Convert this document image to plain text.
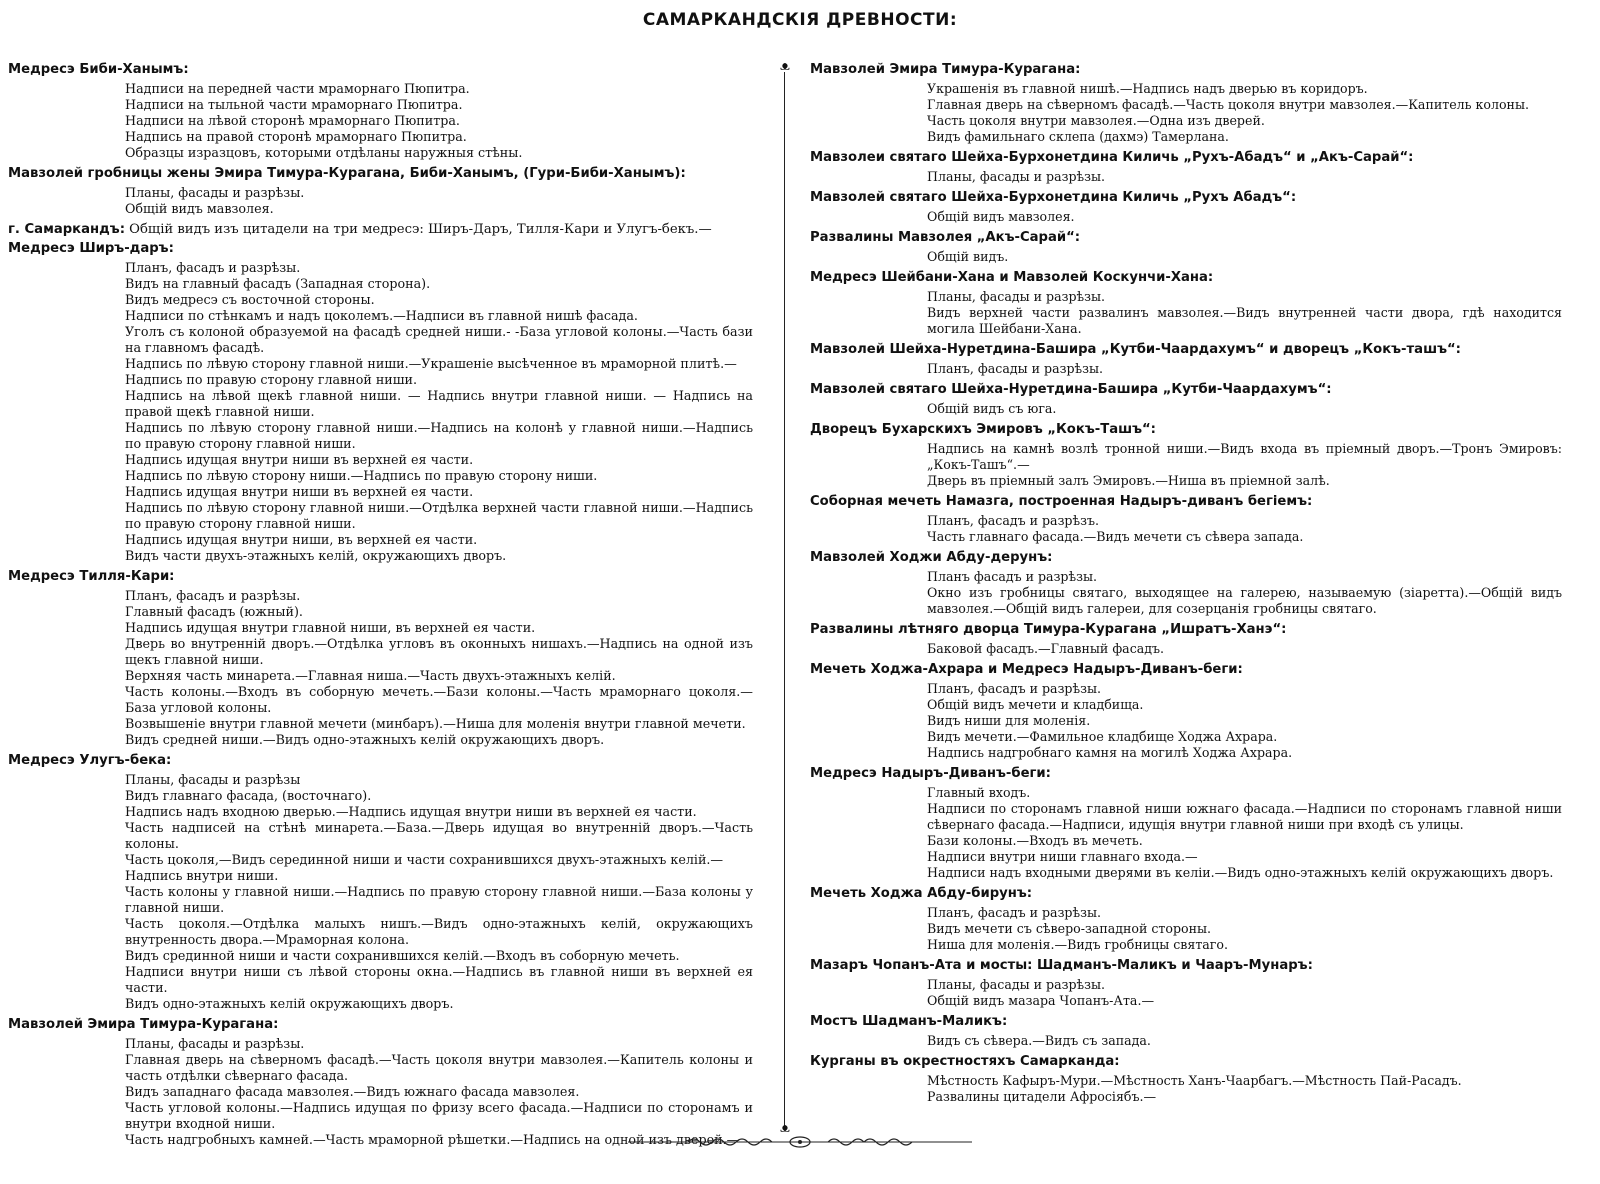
САМАРКАНДСКІЯ ДРЕВНОСТИ:
Медресэ Биби-Ханымъ:
Надписи на передней части мраморнаго Пюпитра.
Надписи на тыльной части мраморнаго Пюпитра.
Надписи на лѣвой сторонѣ мраморнаго Пюпитра.
Надпись на правой сторонѣ мраморнаго Пюпитра.
Образцы изразцовъ, которыми отдѣланы наружныя стѣны.
Мавзолей гробницы жены Эмира Тимура-Курагана, Биби-Ханымъ, (Гури-Биби-Ханымъ):
Планы, фасады и разрѣзы.
Общій видъ мавзолея.
г. Самаркандъ: Общій видъ изъ цитадели на три медресэ: Ширъ-Даръ, Тилля-Кари и Улугъ-бекъ.—
Медресэ Ширъ-даръ:
Планъ, фасадъ и разрѣзы.
Видъ на главный фасадъ (Западная сторона).
Видъ медресэ съ восточной стороны.
Надписи по стѣнкамъ и надъ цоколемъ.—Надписи въ главной нишѣ фасада.
Уголъ съ колоной образуемой на фасадѣ средней ниши.- -База угловой колоны.—Часть бази на главномъ фасадѣ.
Надпись по лѣвую сторону главной ниши.—Украшеніе высѣченное въ мраморной плитѣ.—
Надпись по правую сторону главной ниши.
Надпись на лѣвой щекѣ главной ниши. — Надпись внутри главной ниши. — Надпись на правой щекѣ главной ниши.
Надпись по лѣвую сторону главной ниши.—Надпись на колонѣ у главной ниши.—Надпись по правую сторону главной ниши.
Надпись идущая внутри ниши въ верхней ея части.
Надпись по лѣвую сторону ниши.—Надпись по правую сторону ниши.
Надпись идущая внутри ниши въ верхней ея части.
Надпись по лѣвую сторону главной ниши.—Отдѣлка верхней части главной ниши.—Надпись по правую сторону главной ниши.
Надпись идущая внутри ниши, въ верхней ея части.
Видъ части двухъ-этажныхъ келій, окружающихъ дворъ.
Медресэ Тилля-Кари:
Планъ, фасадъ и разрѣзы.
Главный фасадъ (южный).
Надпись идущая внутри главной ниши, въ верхней ея части.
Дверь во внутренній дворъ.—Отдѣлка угловъ въ оконныхъ нишахъ.—Надпись на одной изъ щекъ главной ниши.
Верхняя часть минарета.—Главная ниша.—Часть двухъ-этажныхъ келій.
Часть колоны.—Входъ въ соборную мечеть.—Бази колоны.—Часть мраморнаго цоколя.— База угловой колоны.
Возвышеніе внутри главной мечети (минбаръ).—Ниша для моленія внутри главной мечети.
Видъ средней ниши.—Видъ одно-этажныхъ келій окружающихъ дворъ.
Медресэ Улугъ-бека:
Планы, фасады и разрѣзы
Видъ главнаго фасада, (восточнаго).
Надпись надъ входною дверью.—Надпись идущая внутри ниши въ верхней ея части.
Часть надписей на стѣнѣ минарета.—База.—Дверь идущая во внутренній дворъ.—Часть колоны.
Часть цоколя,—Видъ серединной ниши и части сохранившихся двухъ-этажныхъ келій.—
Надпись внутри ниши.
Часть колоны у главной ниши.—Надпись по правую сторону главной ниши.—База колоны у главной ниши.
Часть цоколя.—Отдѣлка малыхъ нишъ.—Видъ одно-этажныхъ келій, окружающихъ внутренность двора.—Мраморная колона.
Видъ срединной ниши и части сохранившихся келій.—Входъ въ соборную мечеть.
Надписи внутри ниши съ лѣвой стороны окна.—Надпись въ главной ниши въ верхней ея части.
Видъ одно-этажныхъ келій окружающихъ дворъ.
Мавзолей Эмира Тимура-Курагана:
Планы, фасады и разрѣзы.
Главная дверь на сѣверномъ фасадѣ.—Часть цоколя внутри мавзолея.—Капитель колоны и часть отдѣлки сѣвернаго фасада.
Видъ западнаго фасада мавзолея.—Видъ южнаго фасада мавзолея.
Часть угловой колоны.—Надпись идущая по фризу всего фасада.—Надписи по сторонамъ и внутри входной ниши.
Часть надгробныхъ камней.—Часть мраморной рѣшетки.—Надпись на одной изъ дверей.—
ᴥ
ᴥ
Мавзолей Эмира Тимура-Курагана:
Украшенія въ главной нишѣ.—Надпись надъ дверью въ коридоръ.
Главная дверь на сѣверномъ фасадѣ.—Часть цоколя внутри мавзолея.—Капитель колоны.
Часть цоколя внутри мавзолея.—Одна изъ дверей.
Видъ фамильнаго склепа (дахмэ) Тамерлана.
Мавзолеи святаго Шейха-Бурхонетдина Киличь „Рухъ-Абадъ“ и „Акъ-Сарай“:
Планы, фасады и разрѣзы.
Мавзолей святаго Шейха-Бурхонетдина Киличь „Рухъ Абадъ“:
Общій видъ мавзолея.
Развалины Мавзолея „Акъ-Сарай“:
Общій видъ.
Медресэ Шейбани-Хана и Мавзолей Коскунчи-Хана:
Планы, фасады и разрѣзы.
Видъ верхней части развалинъ мавзолея.—Видъ внутренней части двора, гдѣ находится могила Шейбани-Хана.
Мавзолей Шейха-Нуретдина-Башира „Кутби-Чаардахумъ“ и дворецъ „Кокъ-ташъ“:
Планъ, фасады и разрѣзы.
Мавзолей святаго Шейха-Нуретдина-Башира „Кутби-Чаардахумъ“:
Общій видъ съ юга.
Дворецъ Бухарскихъ Эмировъ „Кокъ-Ташъ“:
Надпись на камнѣ возлѣ тронной ниши.—Видъ входа въ пріемный дворъ.—Тронъ Эмировъ: „Кокъ-Ташъ“.—
Дверь въ пріемный залъ Эмировъ.—Ниша въ пріемной залѣ.
Соборная мечеть Намазга, построенная Надыръ-диванъ бегіемъ:
Планъ, фасадъ и разрѣзъ.
Часть главнаго фасада.—Видъ мечети съ сѣвера запада.
Мавзолей Ходжи Абду-дерунъ:
Планъ фасадъ и разрѣзы.
Окно изъ гробницы святаго, выходящее на галерею, называемую (зіаретта).—Общій видъ мавзолея.—Общій видъ галереи, для созерцанія гробницы святаго.
Развалины лѣтняго дворца Тимура-Курагана „Ишратъ-Ханэ“:
Баковой фасадъ.—Главный фасадъ.
Мечеть Ходжа-Ахрара и Медресэ Надыръ-Диванъ-беги:
Планъ, фасадъ и разрѣзы.
Общій видъ мечети и кладбища.
Видъ ниши для моленія.
Видъ мечети.—Фамильное кладбище Ходжа Ахрара.
Надпись надгробнаго камня на могилѣ Ходжа Ахрара.
Медресэ Надыръ-Диванъ-беги:
Главный входъ.
Надписи по сторонамъ главной ниши южнаго фасада.—Надписи по сторонамъ главной ниши сѣвернаго фасада.—Надписи, идущія внутри главной ниши при входѣ съ улицы.
Бази колоны.—Входъ въ мечеть.
Надписи внутри ниши главнаго входа.—
Надписи надъ входными дверями въ келіи.—Видъ одно-этажныхъ келій окружающихъ дворъ.
Мечеть Ходжа Абду-бирунъ:
Планъ, фасадъ и разрѣзы.
Видъ мечети съ сѣверо-западной стороны.
Ниша для моленія.—Видъ гробницы святаго.
Мазаръ Чопанъ-Ата и мосты: Шадманъ-Маликъ и Чааръ-Мунаръ:
Планы, фасады и разрѣзы.
Общій видъ мазара Чопанъ-Ата.—
Мостъ Шадманъ-Маликъ:
Видъ съ сѣвера.—Видъ съ запада.
Курганы въ окрестностяхъ Самарканда:
Мѣстность Кафыръ-Мури.—Мѣстность Ханъ-Чаарбагъ.—Мѣстность Пай-Расадъ.
Развалины цитадели Афросіябъ.—
